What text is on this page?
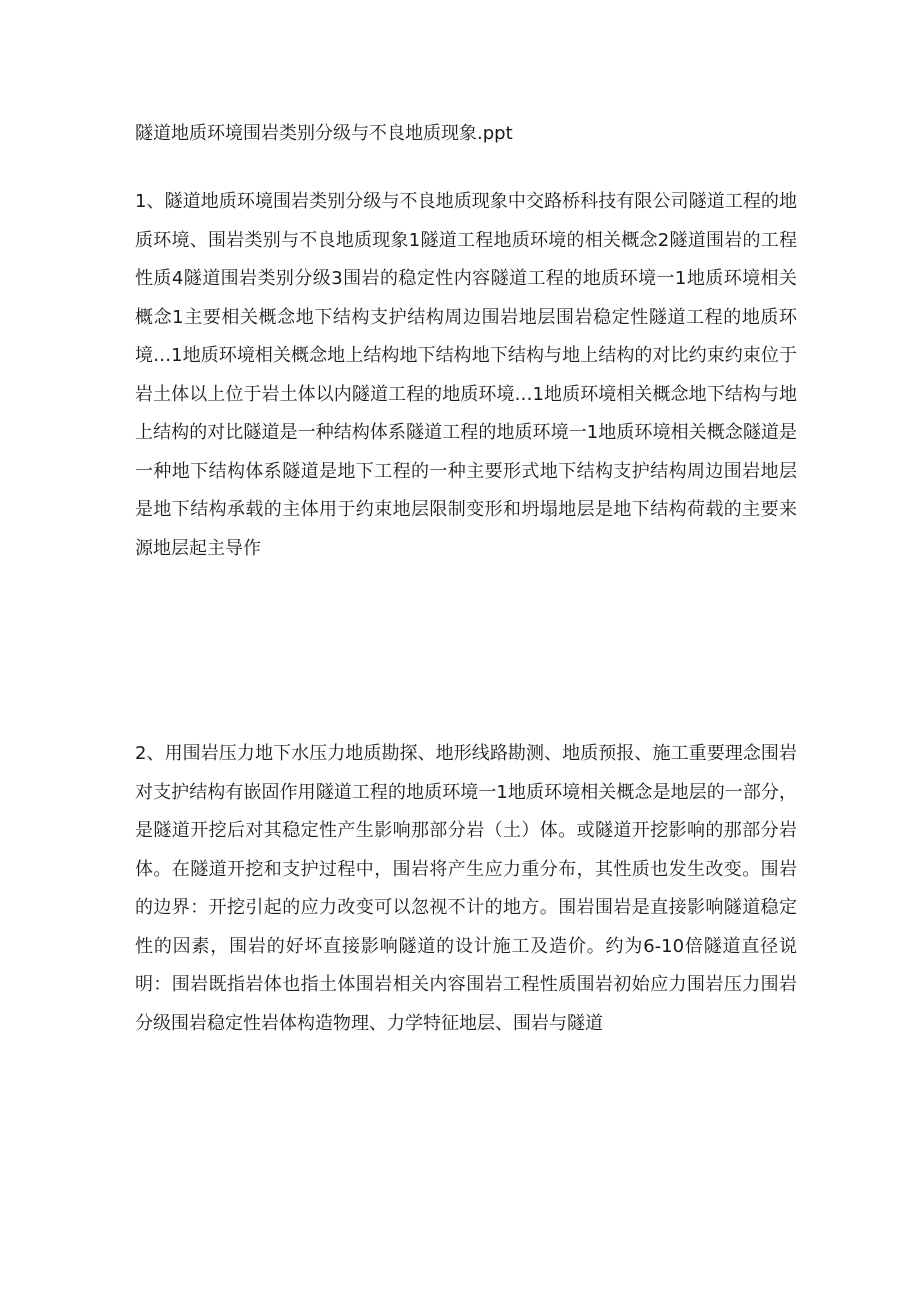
隧道地质环境围岩类别分级与不良地质现象.ppt

1、隧道地质环境围岩类别分级与不良地质现象中交路桥科技有限公司隧道工程的地质环境、围岩类别与不良地质现象1隧道工程地质环境的相关概念2隧道围岩的工程性质4隧道围岩类别分级3围岩的稳定性内容隧道工程的地质环境一1地质环境相关概念1主要相关概念地下结构支护结构周边围岩地层围岩稳定性隧道工程的地质环境…1地质环境相关概念地上结构地下结构地下结构与地上结构的对比约束约束位于岩土体以上位于岩土体以内隧道工程的地质环境…1地质环境相关概念地下结构与地上结构的对比隧道是一种结构体系隧道工程的地质环境一1地质环境相关概念隧道是一种地下结构体系隧道是地下工程的一种主要形式地下结构支护结构周边围岩地层是地下结构承载的主体用于约束地层限制变形和坍塌地层是地下结构荷载的主要来源地层起主导作

2、用围岩压力地下水压力地质勘探、地形线路勘测、地质预报、施工重要理念围岩对支护结构有嵌固作用隧道工程的地质环境一1地质环境相关概念是地层的一部分，是隧道开挖后对其稳定性产生影响那部分岩（土）体。或隧道开挖影响的那部分岩体。在隧道开挖和支护过程中，围岩将产生应力重分布，其性质也发生改变。围岩的边界：开挖引起的应力改变可以忽视不计的地方。围岩围岩是直接影响隧道稳定性的因素，围岩的好坏直接影响隧道的设计施工及造价。约为6-10倍隧道直径说明：围岩既指岩体也指土体围岩相关内容围岩工程性质围岩初始应力围岩压力围岩分级围岩稳定性岩体构造物理、力学特征地层、围岩与隧道
